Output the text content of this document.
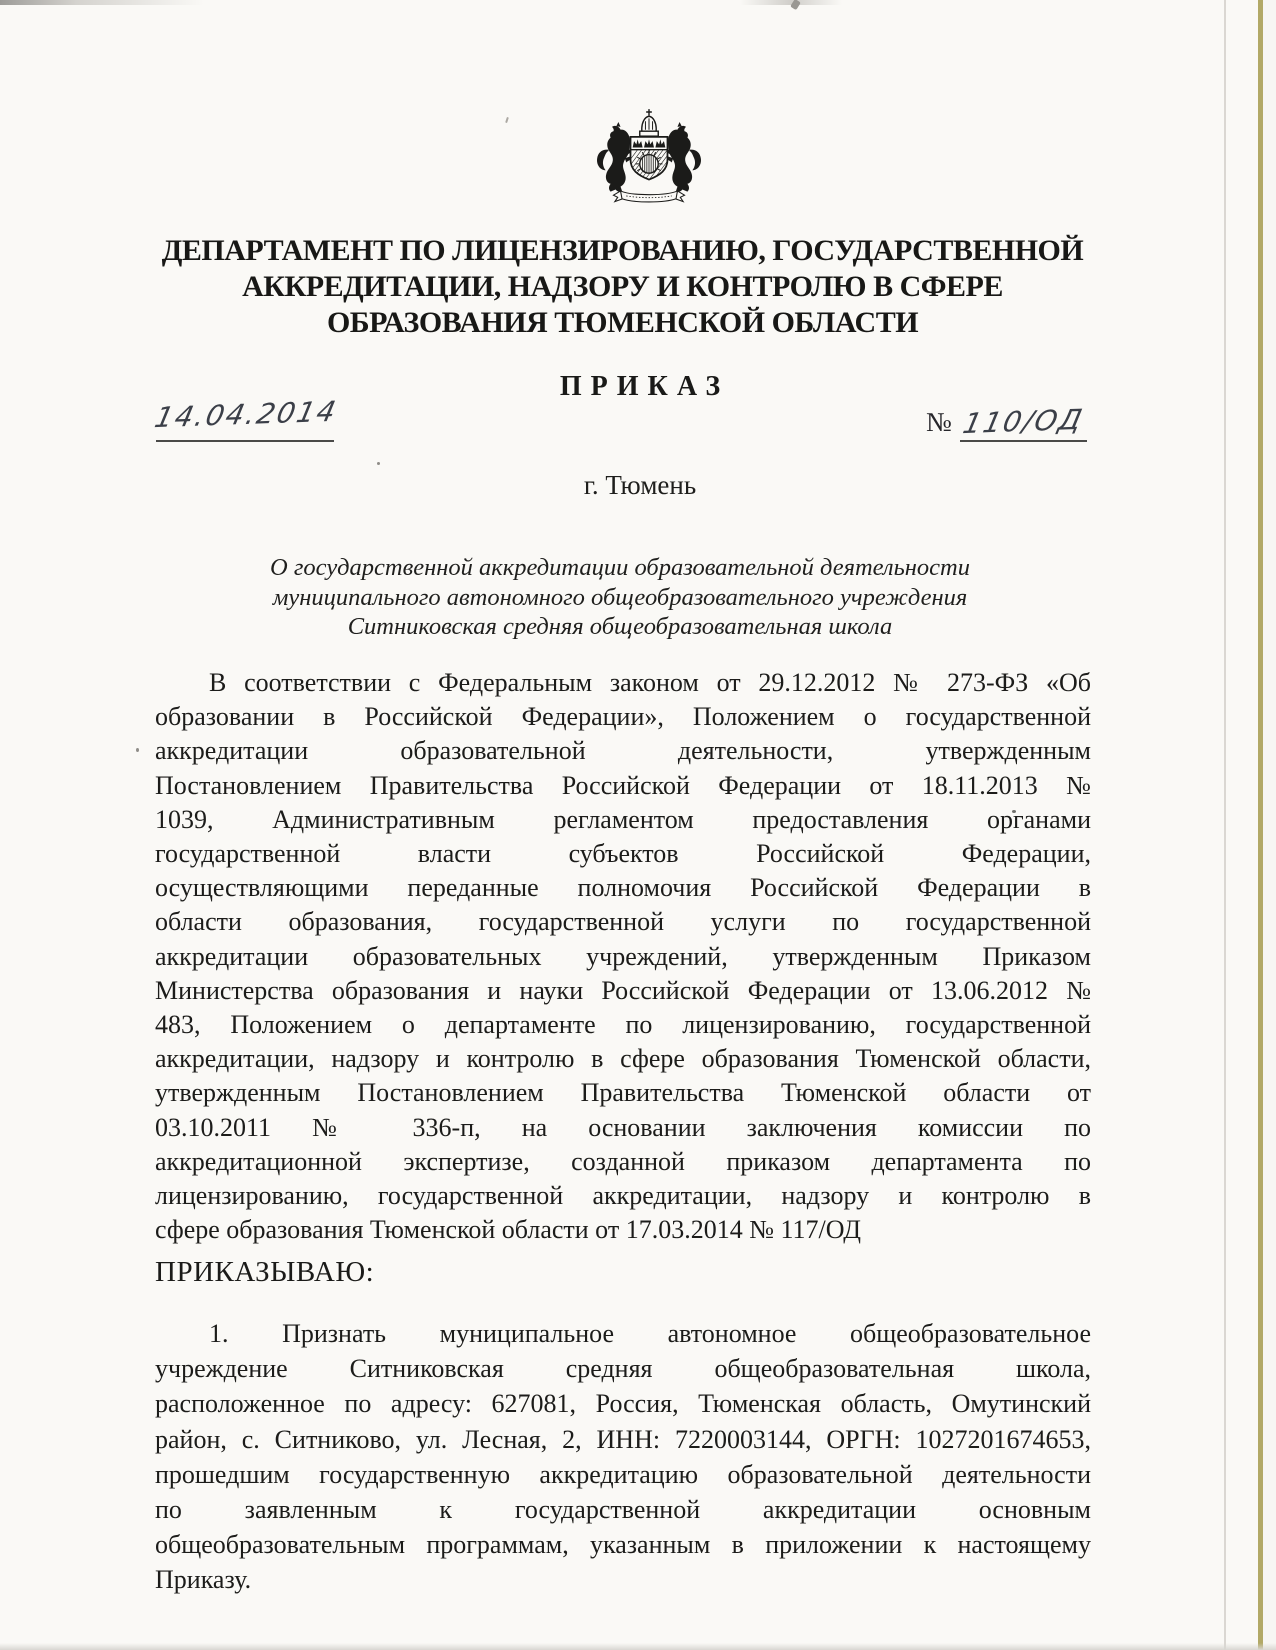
ДЕПАРТАМЕНТ ПО ЛИЦЕНЗИРОВАНИЮ, ГОСУДАРСТВЕННОЙ
АККРЕДИТАЦИИ, НАДЗОРУ И КОНТРОЛЮ В СФЕРЕ
ОБРАЗОВАНИЯ ТЮМЕНСКОЙ ОБЛАСТИ
ПРИКАЗ
14.04.2014	№ 110/ОД
г. Тюмень
О государственной аккредитации образовательной деятельности
муниципального автономного общеобразовательного учреждения
Ситниковская средняя общеобразовательная школа
В соответствии с Федеральным законом от 29.12.2012 № 273-ФЗ «Об
образовании в Российской Федерации», Положением о государственной
аккредитации образовательной деятельности, утвержденным
Постановлением Правительства Российской Федерации от 18.11.2013 №
1039, Административным регламентом предоставления органами
государственной власти субъектов Российской Федерации,
осуществляющими переданные полномочия Российской Федерации в
области образования, государственной услуги по государственной
аккредитации образовательных учреждений, утвержденным Приказом
Министерства образования и науки Российской Федерации от 13.06.2012 №
483, Положением о департаменте по лицензированию, государственной
аккредитации, надзору и контролю в сфере образования Тюменской области,
утвержденным Постановлением Правительства Тюменской области от
03.10.2011 № 336-п, на основании заключения комиссии по
аккредитационной экспертизе, созданной приказом департамента по
лицензированию, государственной аккредитации, надзору и контролю в
сфере образования Тюменской области от 17.03.2014 № 117/ОД
ПРИКАЗЫВАЮ:
1. Признать муниципальное автономное общеобразовательное
учреждение Ситниковская средняя общеобразовательная школа,
расположенное по адресу: 627081, Россия, Тюменская область, Омутинский
район, с. Ситниково, ул. Лесная, 2, ИНН: 7220003144, ОРГН: 1027201674653,
прошедшим государственную аккредитацию образовательной деятельности
по заявленным к государственной аккредитации основным
общеобразовательным программам, указанным в приложении к настоящему
Приказу.
